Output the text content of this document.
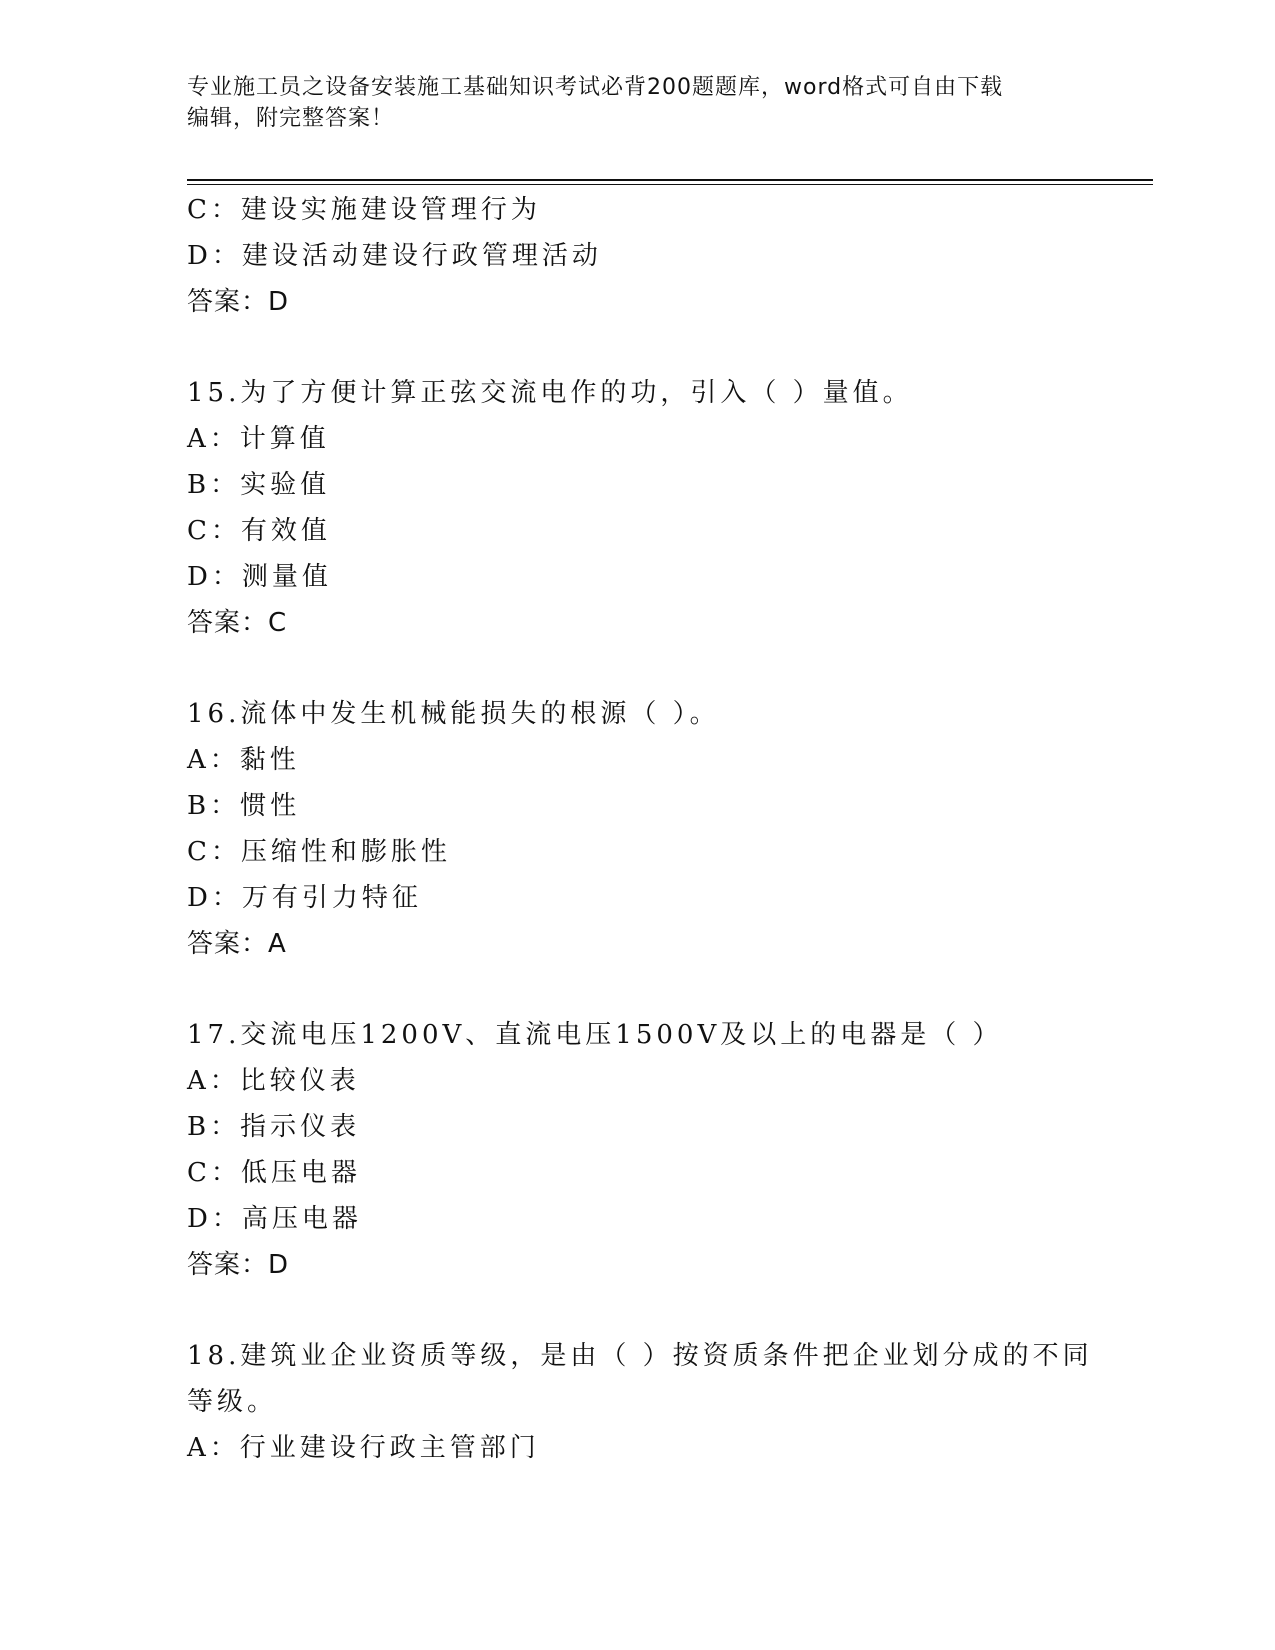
专业施工员之设备安装施工基础知识考试必背200题题库，word格式可自由下载
编辑，附完整答案！
C：建设实施建设管理行为
D：建设活动建设行政管理活动
答案：D
15.为了方便计算正弦交流电作的功，引入（ ）量值。
A：计算值
B：实验值
C：有效值
D：测量值
答案：C
16.流体中发生机械能损失的根源（ ）。
A：黏性
B：惯性
C：压缩性和膨胀性
D：万有引力特征
答案：A
17.交流电压1200V、直流电压1500V及以上的电器是（ ）
A：比较仪表
B：指示仪表
C：低压电器
D：高压电器
答案：D
18.建筑业企业资质等级，是由（ ）按资质条件把企业划分成的不同
等级。
A：行业建设行政主管部门
